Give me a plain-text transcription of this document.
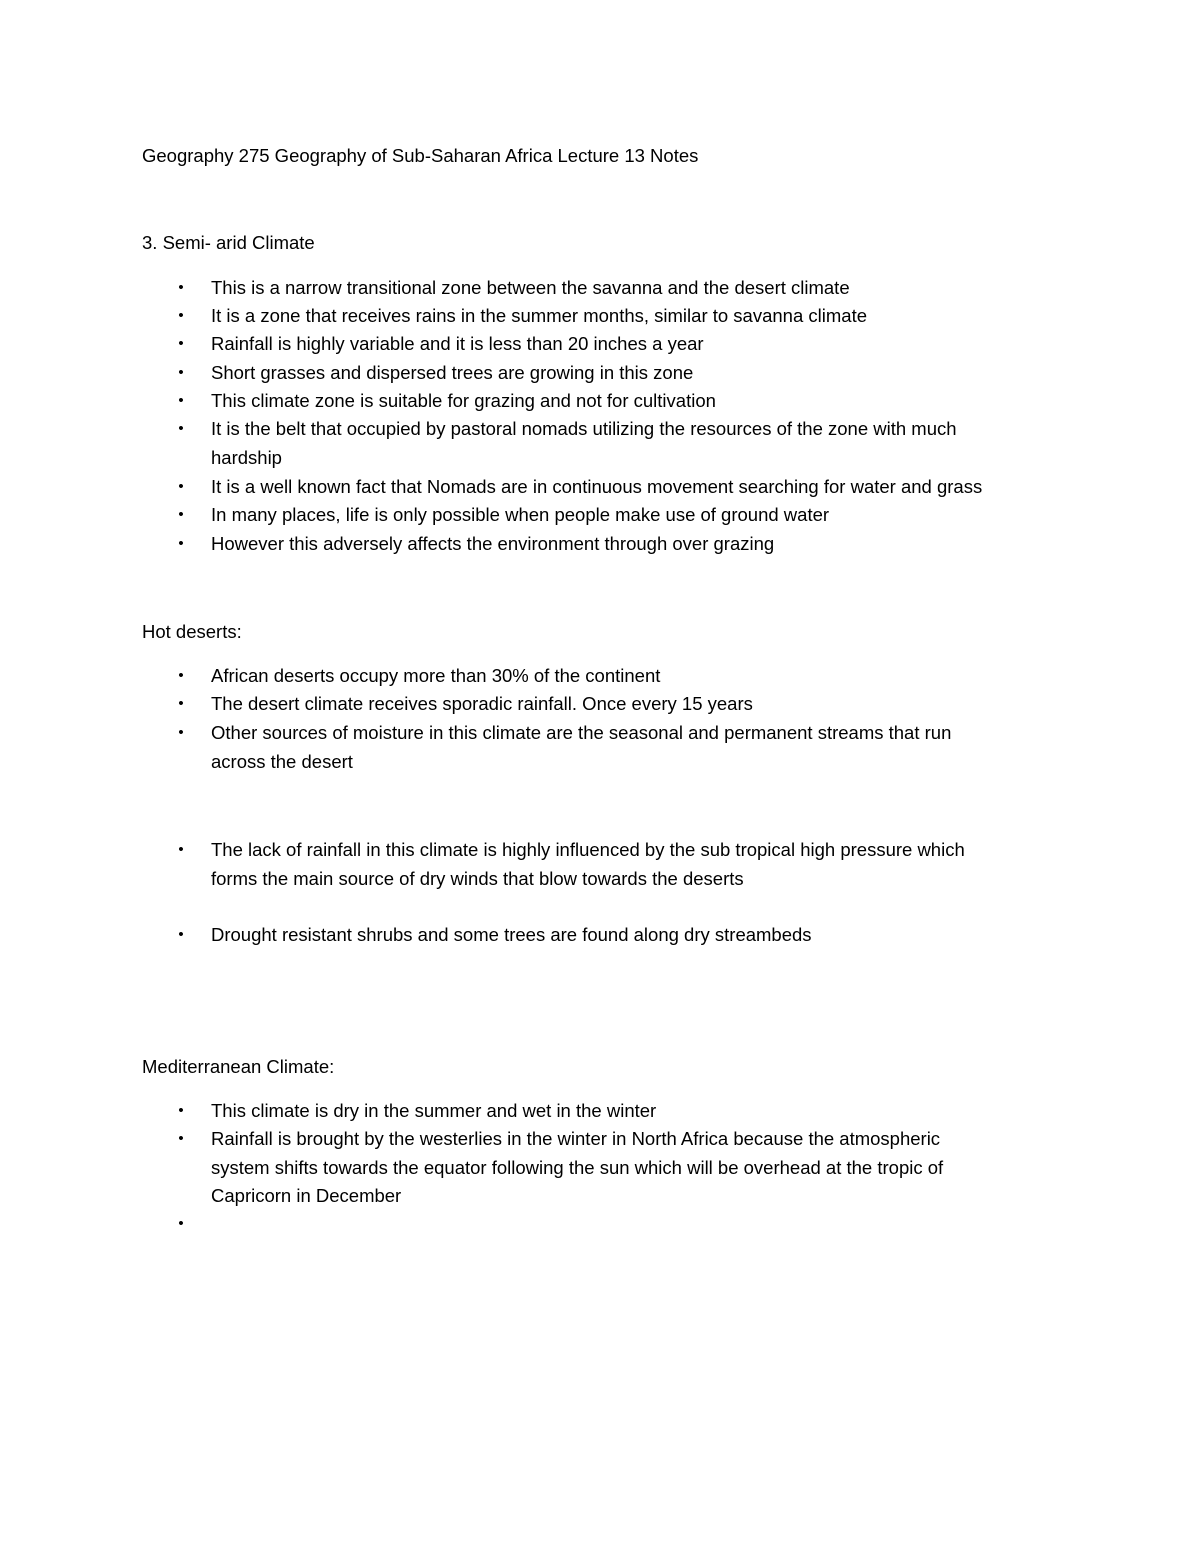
Geography 275 Geography of Sub-Saharan Africa Lecture 13 Notes
3. Semi- arid Climate
• This is a narrow transitional zone between the savanna and the desert climate
• It is a zone that receives rains in the summer months, similar to savanna climate
• Rainfall is highly variable and it is less than 20 inches a year
• Short grasses and dispersed trees are growing in this zone
• This climate zone is suitable for grazing and not for cultivation
• It is the belt that occupied by pastoral nomads utilizing the resources of the zone with much
hardship
• It is a well known fact that Nomads are in continuous movement searching for water and grass
• In many places, life is only possible when people make use of ground water
• However this adversely affects the environment through over grazing
Hot deserts:
• African deserts occupy more than 30% of the continent
• The desert climate receives sporadic rainfall. Once every 15 years
• Other sources of moisture in this climate are the seasonal and permanent streams that run
across the desert
• The lack of rainfall in this climate is highly influenced by the sub tropical high pressure which
forms the main source of dry winds that blow towards the deserts
• Drought resistant shrubs and some trees are found along dry streambeds
Mediterranean Climate:
• This climate is dry in the summer and wet in the winter
• Rainfall is brought by the westerlies in the winter in North Africa because the atmospheric
system shifts towards the equator following the sun which will be overhead at the tropic of
Capricorn in December
•
